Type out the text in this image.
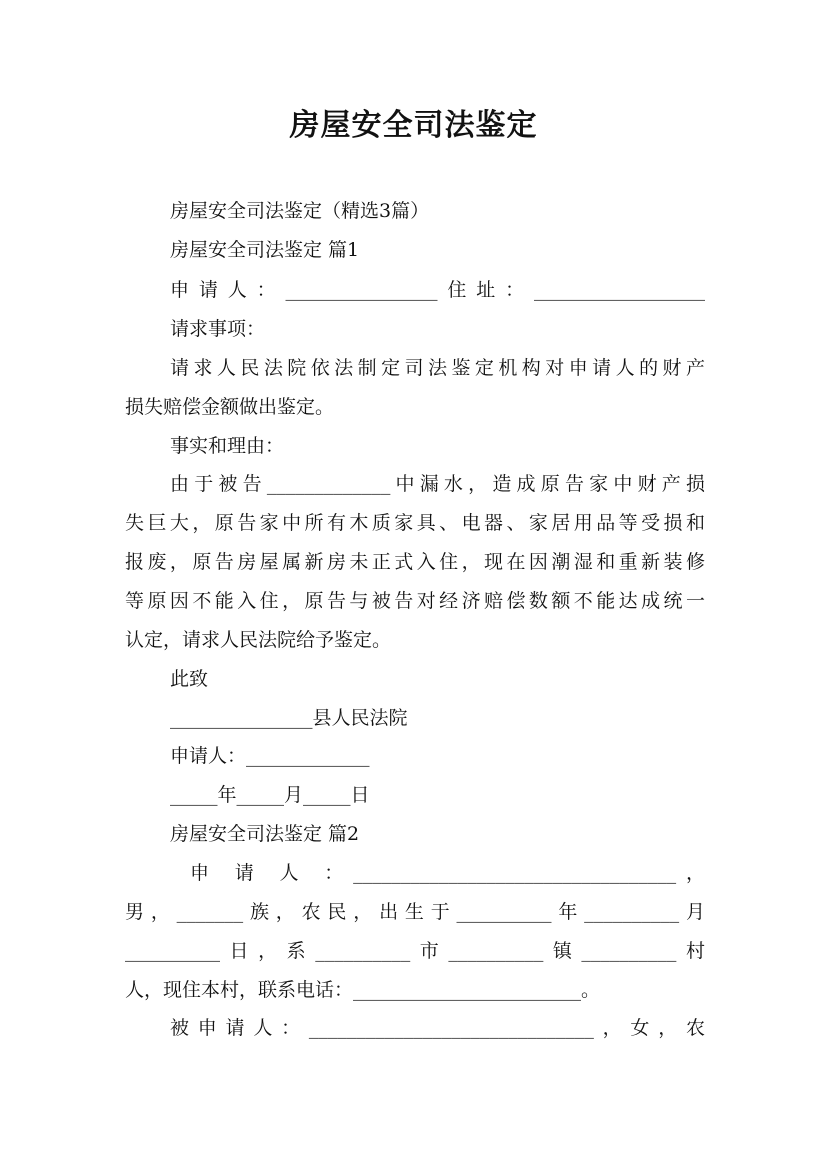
房屋安全司法鉴定
房屋安全司法鉴定（精选3篇）
房屋安全司法鉴定 篇1
申请人：________________住址：__________________
请求事项：
请求人民法院依法制定司法鉴定机构对申请人的财产
损失赔偿金额做出鉴定。
事实和理由：
由于被告_____________中漏水，造成原告家中财产损
失巨大，原告家中所有木质家具、电器、家居用品等受损和
报废，原告房屋属新房未正式入住，现在因潮湿和重新装修
等原因不能入住，原告与被告对经济赔偿数额不能达成统一
认定，请求人民法院给予鉴定。
此致
_______________县人民法院
申请人：_____________
_____年_____月_____日
房屋安全司法鉴定 篇2
申 请 人 ：__________________________________，
男，_______族，农民，出生于__________年__________月
__________日，系__________市__________镇__________村
人，现住本村，联系电话：________________________。
被申请人：______________________________，女，农
